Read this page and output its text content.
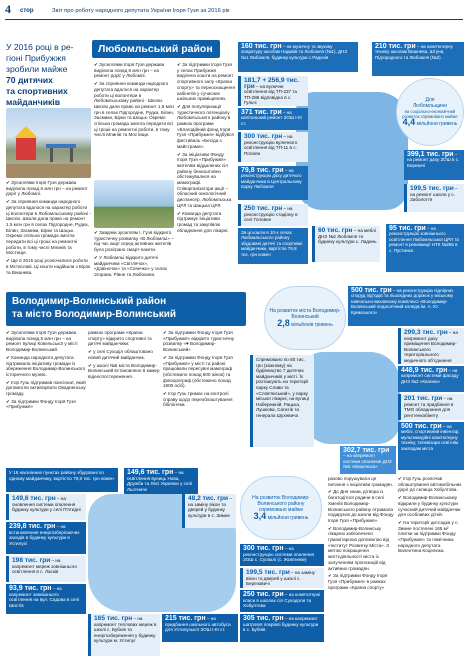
4 стор	Звіт про роботу народного депутата України Ігоря Гузя за 2016 рік
У 2016 році в ре-
гіоні Прибужжя
зробили майже
70 дитячих
та спортивних
майданчиків
Любомльський район

✔ Зусиллями Ігоря Гузя держава виділила понад 6 млн грн – на ремонт доріг у Любомлі.

✔ За сприяння команди народного депутата вдалося на характер роботи ці волонтери в Любомльському районі - Школи. Школи дали право на ремонт 1,5 млн грн в селах Підгородне, Рудка, Білин, Засмики, Бірки та Шацьк. Окремо спільна громада змогла передати всі ці гроші на ремонтні роботи, в тому числі Млинів та Мостище.

✔ Ще в 2015 році розпочалися роботи в Мстиславі. Ці кошти надійшли з Бірок та Вишнева.

✔ Зусиллями Ігоря Гузя держава виділила понад 6 млн грн – на ремонт доріг у Любомлі.

✔ За сприяння команди народного депутата вдалося на характер роботи ці волонтери в Любомльському районі - Школи. Школи дали право на ремонт 1,5 млн грн в селах Підгородне, Рудка, Білин, Засмики, Бірки та Шацьк. Окремо спільна громада змогла передати всі ці гроші на ремонтні роботи, в тому числі Млинів та Мостище.

✔ Завдяки зусиллям І. Гузя відкрито туристичну розвилку «В Любомльі» – під час акції серед активних жителів було розіграно смарт-пакети.

✔ У Любомльі відкрито дитячі майданчики «Світлячок», «Дзвіночок» та «Сонечко» у селах Згорани, Рівне та Любохини.

✔ За підтримки Ігоря Гузя у селах Прибужжя виділено кошти на ремонт спортивного залу «Країна спорту» та переоснащення кабінетів у сучасних шкільних приміщеннях.

✔ Для популяризації туристичного потенціалу Любомльського району в рамках програми «Благодійний фонд Ігоря Гузя «Прибужжя» відбувся фестиваль «Бесіда з майстрами».

✔ За ініціативи Фонду Ігоря Гузя «Прибужжя» жителям віддалених сіл району безкоштовно обстежувалися на мамографі. Співорганізатори акції – обласний онкологічний диспансер, Любомльська ЦРЛ та Шацька ЦРЛ.

✔ Команда депутата підтримує ініціативи громад та закупівлю обладнання для лікарні.

160 тис. грн – на музичну та звукову апаратуру школам Надиків та Любомля (№1), ДНЗ №1 Любомля, будинку культури с.Радехів
181,7 + 256,9 тис. гри – на вуличне освітлення від ТП-237 та ТП-286 відповідно в с. Гульчі
371 тис. гри – на капітальний ремонт ЗОШ І-ІІІ ст.
300 тис. грн – на реконструкцію вуличного освітлення від ТП-11 в с. Полапи
79,8 тис. гри – на реконструкцію даху дитячого майданчика в Центральному парку Любомля
250 тис. грн – на реконструкцію стадіону в селі Головне
За ці кошти в 10-х селах Любомльського району збудовані дитячі та спортивні майданчики, вартістю 79,8 тис. грн кожен
60 тис. грн – на меблі ДНЗ №2 Любомля та будинку культури с. Ладинь
210 тис. гри – на комп'ютерну техніку школам Вишнева, Штуни, Підгородного та Любомля (№2)
399,1 тис. гри – на ремонт даху ЗОШ в с. Березичі
199,5 тис. гри – на ремонт школи у с. Заболоття
95 тис. гри – на реконструкцію зовнішнього освітлення Любомльської ЦРЛ та ремонт в реанімації НТК №286 в с. Пустинка
Для
Любомльщини
на соціально-економічний розвиток спрямовано майже
4,4 мільйони гривень
Володимир-Волинський район
та місто Володимир-Волинський

✔ Зусиллями Ігоря Гузя держава виділила понад 5 млн грн – на ремонт вулиці Ковельської у місті Володимир-Волинський.

✔ Команда народного депутата підтримала ініціативу громади із збереження Володимир-Волинського історичного музею.

✔ Ігор Гузь підтримав пансіонат, який допомогли активізувати Овадненську громаду.

✔ За підтримки Фонду Ігоря Гузя «Прибужжя»

рамках програми «Країна спорту» відкрито спортивні та дитячі майданчики:

✔ у селі Суходіл облаштовано новий дитячий майданчик.

✔ у школі №5 міста Володимир-Волинський встановлено 8 камер відеоспостереження.

✔ За підтримки Фонду Ігоря Гузя «Прибужжя» відкрито туристичну розвилку «♥ Володимир-Волинський»

✔ За підтримки Фонду Ігоря Гузя «Прибужжя» у місті та районі працювали пересувні мамограф (обстежило понад 600 жінок) та флюорограф (обстежено понад 1900 осіб).

✔ Ігор Гузь тримає на контролі справу щодо переоблаштування бібліотеки.

На розвиток міста Володимир-Волинський
2,8 мільйонів гривень
Спрямовано по 80 тис. грн (кожному) на будівництво 7 дитячих майданчиків у місті. Їх розташують на території парку Слави та «Слов'янський», у парку міської лікарні, на вулиці Набережній, Рацька, Лушкова, Сапєгів та генерала Шухевича
500 тис. гри – на реконструкцію підпірних споруд під'їздів та пішохідних доріжок у міському навчально-виховному комплексі «Володимир-Волинський педагогічний коледж ім. А. Ю. Кримського»
299,3 тис. грн – на капремонт даху приміщення Володимир-Волинського територіального медичного об'єднання
448,9 тис. грн – на капремонт системи фасаду ДНЗ №2 «Калина»
201 тис. гри – на ремонт та придбання в ТМО обладнання для рентгенкабінету
500 тис. гри – на меблі, спортивний інвентар, мультимедійні комп'ютерну техніку, телевізори освітнім закладам міста
302,7 тис. гри – на капремонт системи опалення ДНЗ №5 «Вишенька»
У 18 населених пунктах району збудовані по одному майданчику, вартістю 79,8 тис. грн кожен
149,6 тис. грн – на оновлення системи опалення будинку культури у селі П'ятидні
239,8 тис. грн – на встановлення енергозберігаючих заходів в будинку культури в Устилузі
198 тис. гри – на капремонт мереж зовнішнього освітлення в с. Ласків
93,9 тис. грн – на капремонт зовнішнього освітлення на вул. Садова в селі Шистів
149,6 тис. грн – на освітлення вулиць Нова, Дружби та Лесі Українки у селі Льотниче
48,2 тис. гри – на заміну вікон та дверей у будинку культури в с. Зимне
165 тис. грн – на капремонт теплових мереж в школі с. Бубнів та енергозбереження у будинку культури м. Устилуг
215 тис. грн – на придбання шкільного автобуса для Устилузької ЗОШ І-ІІІ ст.
305 тис. грн – на капремонт шатрової покрівлі будинку культури в с. Бубнів
На розвиток Володимир-Волинського району спрямовано майже
3,4 мільйони гривень
300 тис. грн – на реконструкцію системи опалення ЗОШ с. Сусвалі (с. Жовтневе)
199,5 тис. гри – на заміну вікон та дверей у школі с. Березовичі
250 тис. гри – на комп'ютерні класи в школах сіл Суходоли та Хобултова

разово порушувала це питання з ініціативи громадян.

✔ До Дня знань дітвора із багатодітної родини в селі Хмелів Володимир-Волинського району отримала подарунок до школи від Фонду Ігоря Гузя «Прибужжя».

✔ Володимир-Волинську лікарню забезпечено гуманітарною допомогою від «Інститут Розвитку Міста». З метою покращення життєдіяльності міста із залученням пропозицій від активних громадян.

✔ За підтримки Фонду Ігоря Гузя «Прибужжя» в рамках програми «Країна спорту»

✔ Ігор Гузь розпочав облаштування автомобільних доріг до селища Хобултова.

✔ Володимир-Волинському відкрили у будинку культури сучасний дитячий майданчик для особливих дітей.

✔ На території дитсадка у с. Зимне постелені 165 м² плитки за підтримки Фонду «Прибужжя» та помічника народного депутата Валентина Коцелюка.
